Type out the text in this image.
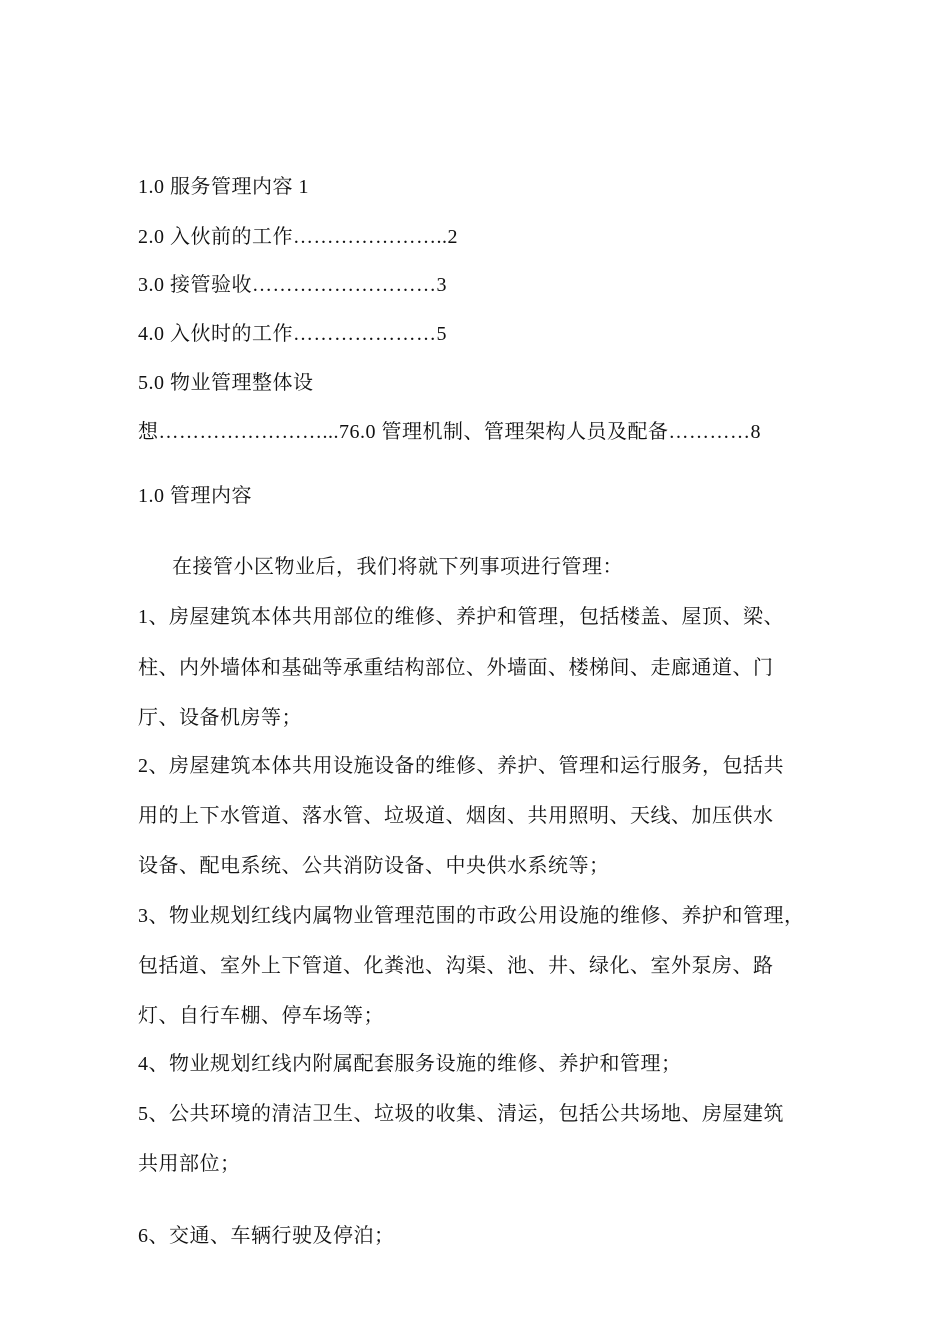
1.0 服务管理内容 1
2.0 入伙前的工作…………………..2
3.0 接管验收………………………3
4.0 入伙时的工作…………………5
5.0 物业管理整体设
想……………………...76.0 管理机制、管理架构人员及配备…………8
1.0 管理内容
在接管小区物业后，我们将就下列事项进行管理：
1、房屋建筑本体共用部位的维修、养护和管理，包括楼盖、屋顶、梁、
柱、内外墙体和基础等承重结构部位、外墙面、楼梯间、走廊通道、门
厅、设备机房等；
2、房屋建筑本体共用设施设备的维修、养护、管理和运行服务，包括共
用的上下水管道、落水管、垃圾道、烟囱、共用照明、天线、加压供水
设备、配电系统、公共消防设备、中央供水系统等；
3、物业规划红线内属物业管理范围的市政公用设施的维修、养护和管理，
包括道、室外上下管道、化粪池、沟渠、池、井、绿化、室外泵房、路
灯、自行车棚、停车场等；
4、物业规划红线内附属配套服务设施的维修、养护和管理；
5、公共环境的清洁卫生、垃圾的收集、清运，包括公共场地、房屋建筑
共用部位；
6、交通、车辆行驶及停泊；
